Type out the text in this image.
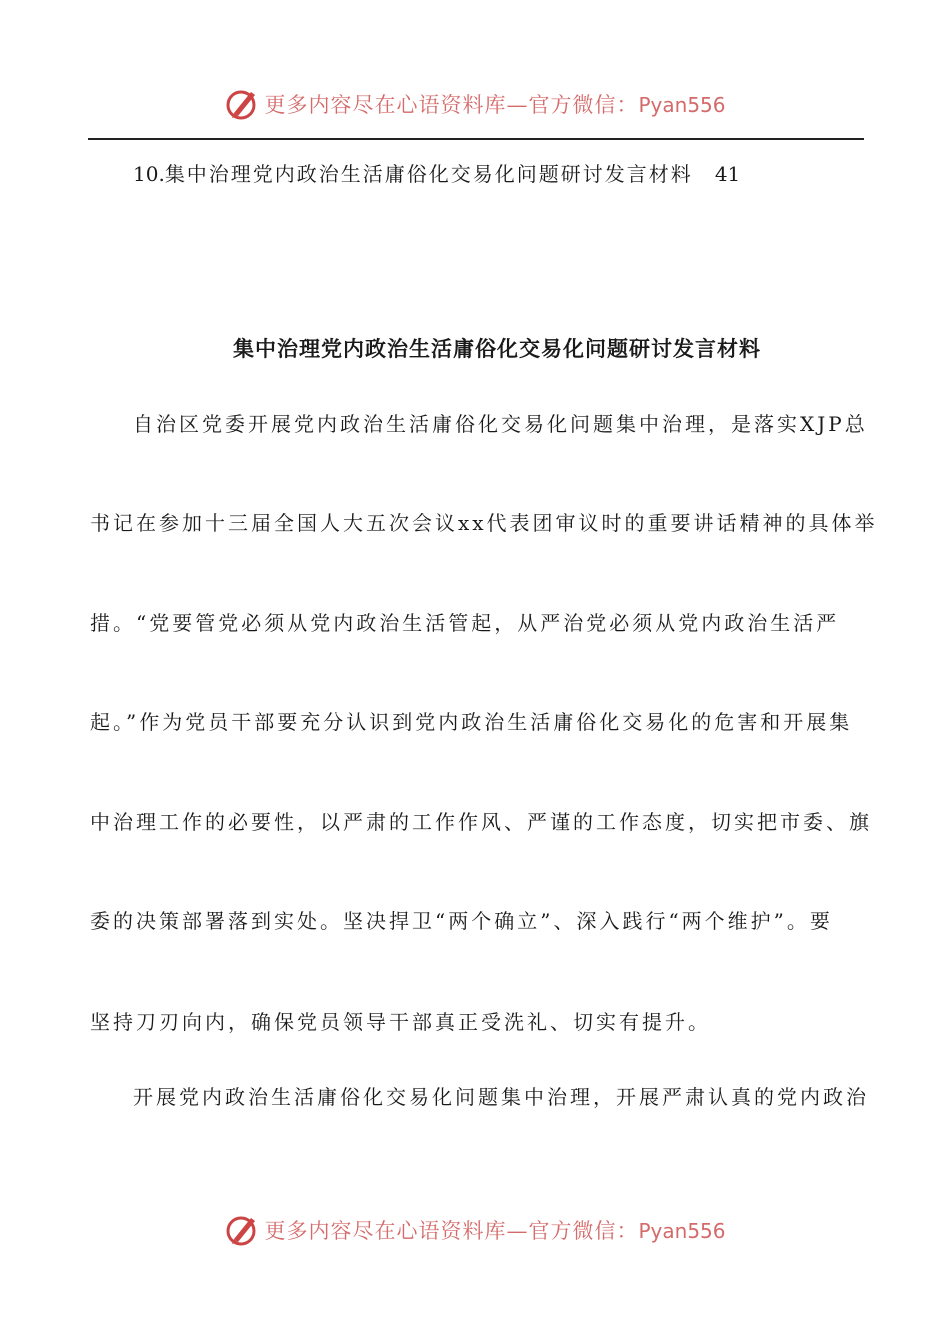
更多内容尽在心语资料库—官方微信：Pyan556
10.集中治理党内政治生活庸俗化交易化问题研讨发言材料 41
集中治理党内政治生活庸俗化交易化问题研讨发言材料
自治区党委开展党内政治生活庸俗化交易化问题集中治理，是落实XJP总
书记在参加十三届全国人大五次会议xx代表团审议时的重要讲话精神的具体举
措。“党要管党必须从党内政治生活管起，从严治党必须从党内政治生活严
起。”作为党员干部要充分认识到党内政治生活庸俗化交易化的危害和开展集
中治理工作的必要性，以严肃的工作作风、严谨的工作态度，切实把市委、旗
委的决策部署落到实处。坚决捍卫“两个确立”、深入践行“两个维护”。要
坚持刀刃向内，确保党员领导干部真正受洗礼、切实有提升。
开展党内政治生活庸俗化交易化问题集中治理，开展严肃认真的党内政治
更多内容尽在心语资料库—官方微信：Pyan556
